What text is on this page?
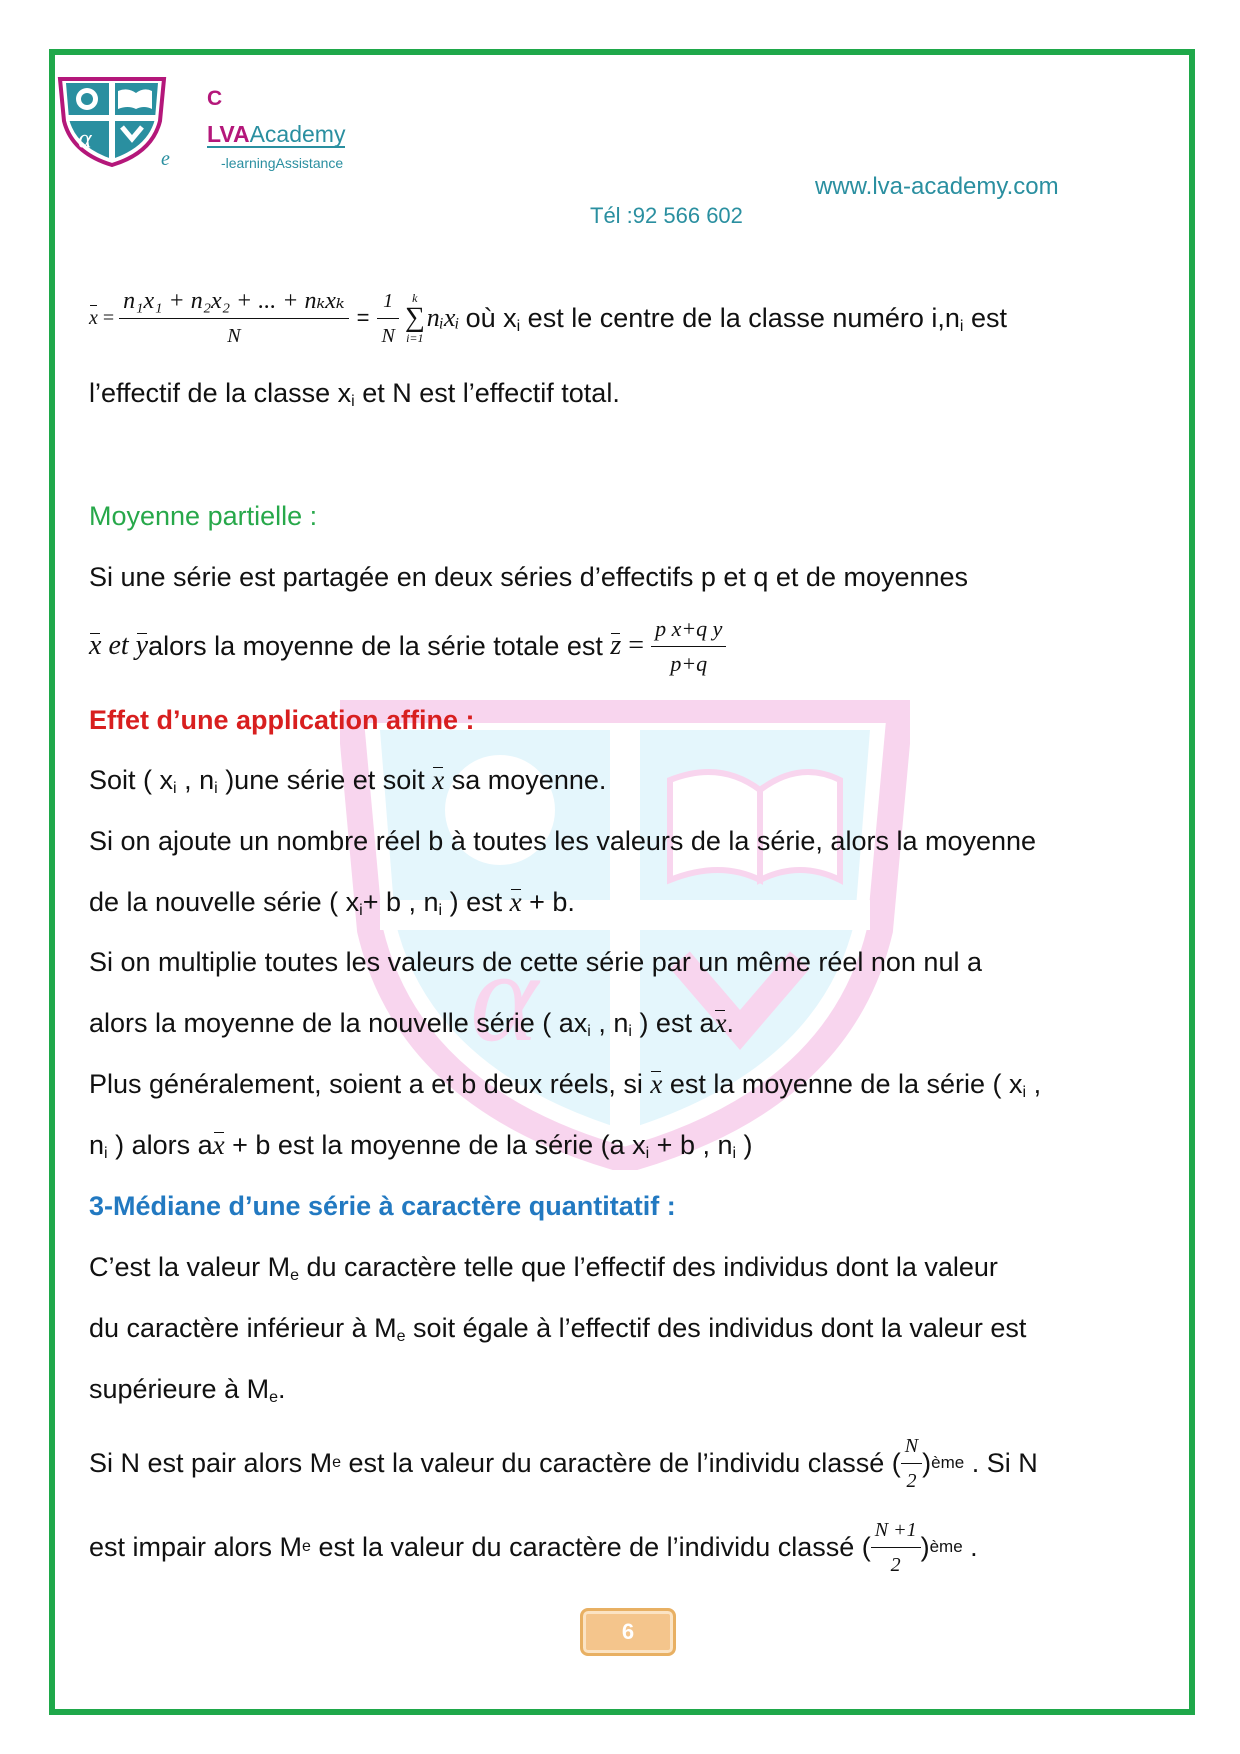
α
α
e
C
LVAAcademy
-learningAssistance
www.lva-academy.com
Tél :92 566 602
x =
n₁x₁ + n₂x₂ + ... + nₖxₖ
N
= $\frac{1}{N}$ k
∑
i=1
nᵢxᵢ où $x_i$ est le centre de la classe numéro $i,n_i$ est
l’effectif de la classe $x_i$ et N est l’effectif total.
Moyenne partielle :
Si une série est partagée en deux séries d’effectifs p et q et de moyennes
x et y alors la moyenne de la série totale est $z = \frac{\text{p x+q y}}{p+q}$
Effet d’une application affine :
Soit ( $x_i$ , $n_i$ )une série et soit x sa moyenne.
Si on ajoute un nombre réel b à toutes les valeurs de la série, alors la moyenne
de la nouvelle série ( $x_i+ b$ , $n_i$ ) est x + b.
Si on multiplie toutes les valeurs de cette série par un même réel non nul a
alors la moyenne de la nouvelle série ( $ax_i$ , $n_i$ ) est ax.
Plus généralement, soient a et b deux réels, si x est la moyenne de la série ( $x_i$ ,
$n_i$ ) alors ax + b est la moyenne de la série (a $x_i + b$ , $n_i$ )
3-Médiane d’une série à caractère quantitatif :
C’est la valeur $M_e$ du caractère telle que l’effectif des individus dont la valeur
du caractère inférieur à $M_e$ soit égale à l’effectif des individus dont la valeur est
supérieure à $M_e$.
Si N est pair alors M e est la valeur du caractère de l’individu classé ( $\frac{N}{2}$ ) ème . Si N
est impair alors M e est la valeur du caractère de l’individu classé ( $\frac{N +1}{2}$ ) ème .
6
